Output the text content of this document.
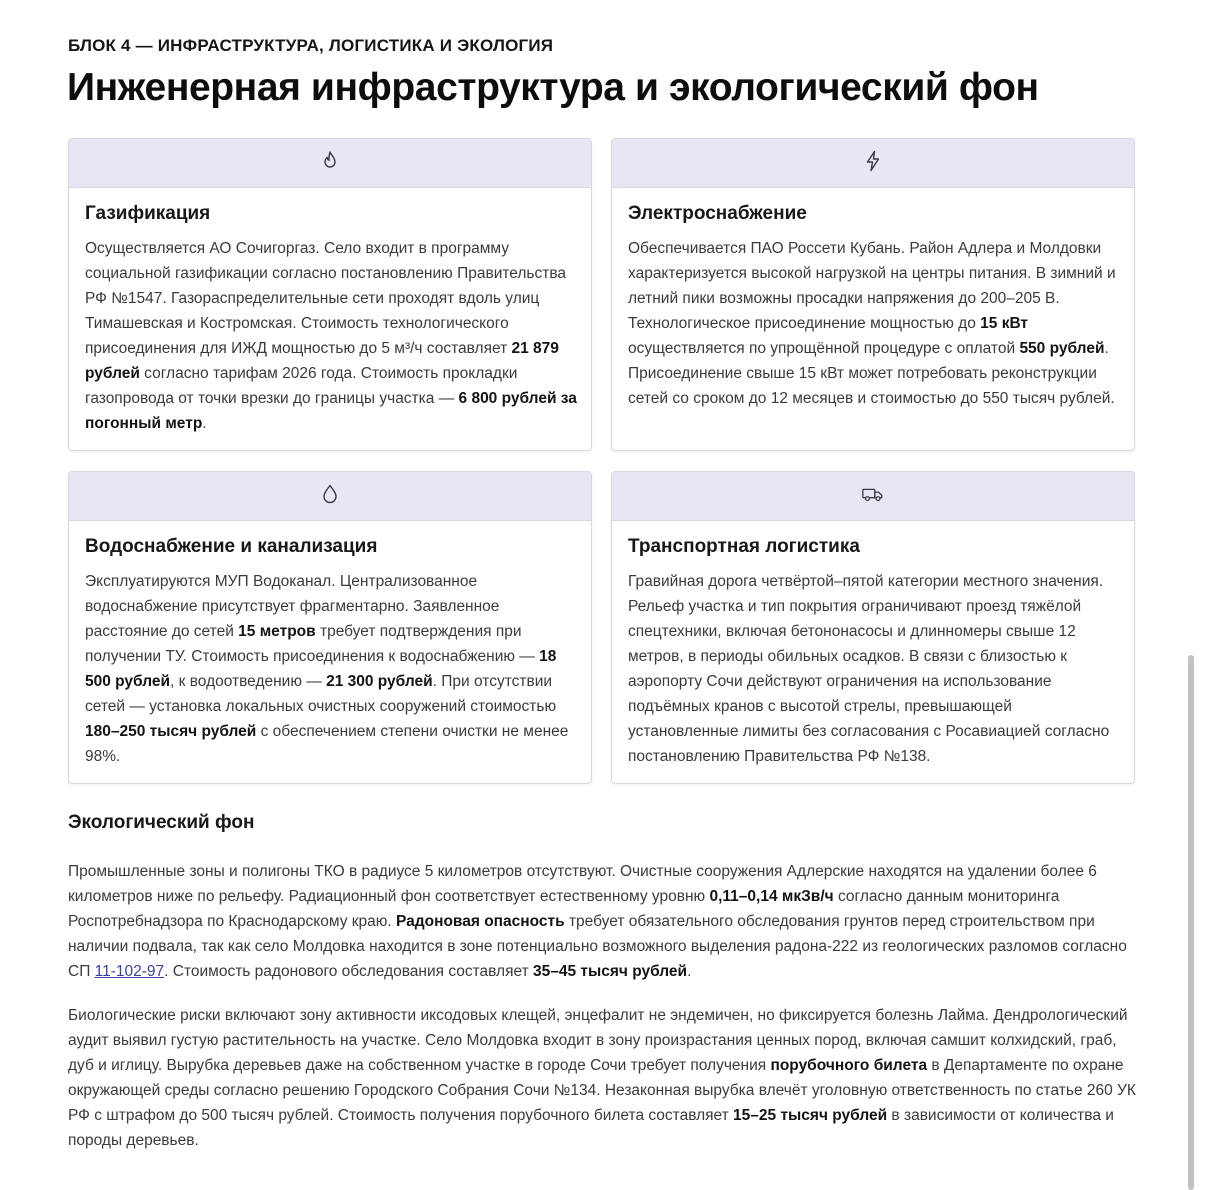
БЛОК 4 — ИНФРАСТРУКТУРА, ЛОГИСТИКА И ЭКОЛОГИЯ
Инженерная инфраструктура и экологический фон
Газификация
Осуществляется АО Сочигоргаз. Село входит в программу социальной газификации согласно постановлению Правительства РФ №1547. Газораспределительные сети проходят вдоль улиц Тимашевская и Костромская. Стоимость технологического присоединения для ИЖД мощностью до 5 м³/ч составляет 21 879 рублей согласно тарифам 2026 года. Стоимость прокладки газопровода от точки врезки до границы участка — 6 800 рублей за погонный метр.
Электроснабжение
Обеспечивается ПАО Россети Кубань. Район Адлера и Молдовки характеризуется высокой нагрузкой на центры питания. В зимний и летний пики возможны просадки напряжения до 200–205 В. Технологическое присоединение мощностью до 15 кВт осуществляется по упрощённой процедуре с оплатой 550 рублей. Присоединение свыше 15 кВт может потребовать реконструкции сетей со сроком до 12 месяцев и стоимостью до 550 тысяч рублей.
Водоснабжение и канализация
Эксплуатируются МУП Водоканал. Централизованное водоснабжение присутствует фрагментарно. Заявленное расстояние до сетей 15 метров требует подтверждения при получении ТУ. Стоимость присоединения к водоснабжению — 18 500 рублей, к водоотведению — 21 300 рублей. При отсутствии сетей — установка локальных очистных сооружений стоимостью 180–250 тысяч рублей с обеспечением степени очистки не менее 98%.
Транспортная логистика
Гравийная дорога четвёртой–пятой категории местного значения. Рельеф участка и тип покрытия ограничивают проезд тяжёлой спецтехники, включая бетононасосы и длинномеры свыше 12 метров, в периоды обильных осадков. В связи с близостью к аэропорту Сочи действуют ограничения на использование подъёмных кранов с высотой стрелы, превышающей установленные лимиты без согласования с Росавиацией согласно постановлению Правительства РФ №138.
Экологический фон
Промышленные зоны и полигоны ТКО в радиусе 5 километров отсутствуют. Очистные сооружения Адлерские находятся на удалении более 6 километров ниже по рельефу. Радиационный фон соответствует естественному уровню 0,11–0,14 мкЗв/ч согласно данным мониторинга Роспотребнадзора по Краснодарскому краю. Радоновая опасность требует обязательного обследования грунтов перед строительством при наличии подвала, так как село Молдовка находится в зоне потенциально возможного выделения радона-222 из геологических разломов согласно СП 11-102-97. Стоимость радонового обследования составляет 35–45 тысяч рублей.
Биологические риски включают зону активности иксодовых клещей, энцефалит не эндемичен, но фиксируется болезнь Лайма. Дендрологический аудит выявил густую растительность на участке. Село Молдовка входит в зону произрастания ценных пород, включая самшит колхидский, граб, дуб и иглицу. Вырубка деревьев даже на собственном участке в городе Сочи требует получения порубочного билета в Департаменте по охране окружающей среды согласно решению Городского Собрания Сочи №134. Незаконная вырубка влечёт уголовную ответственность по статье 260 УК РФ с штрафом до 500 тысяч рублей. Стоимость получения порубочного билета составляет 15–25 тысяч рублей в зависимости от количества и породы деревьев.
